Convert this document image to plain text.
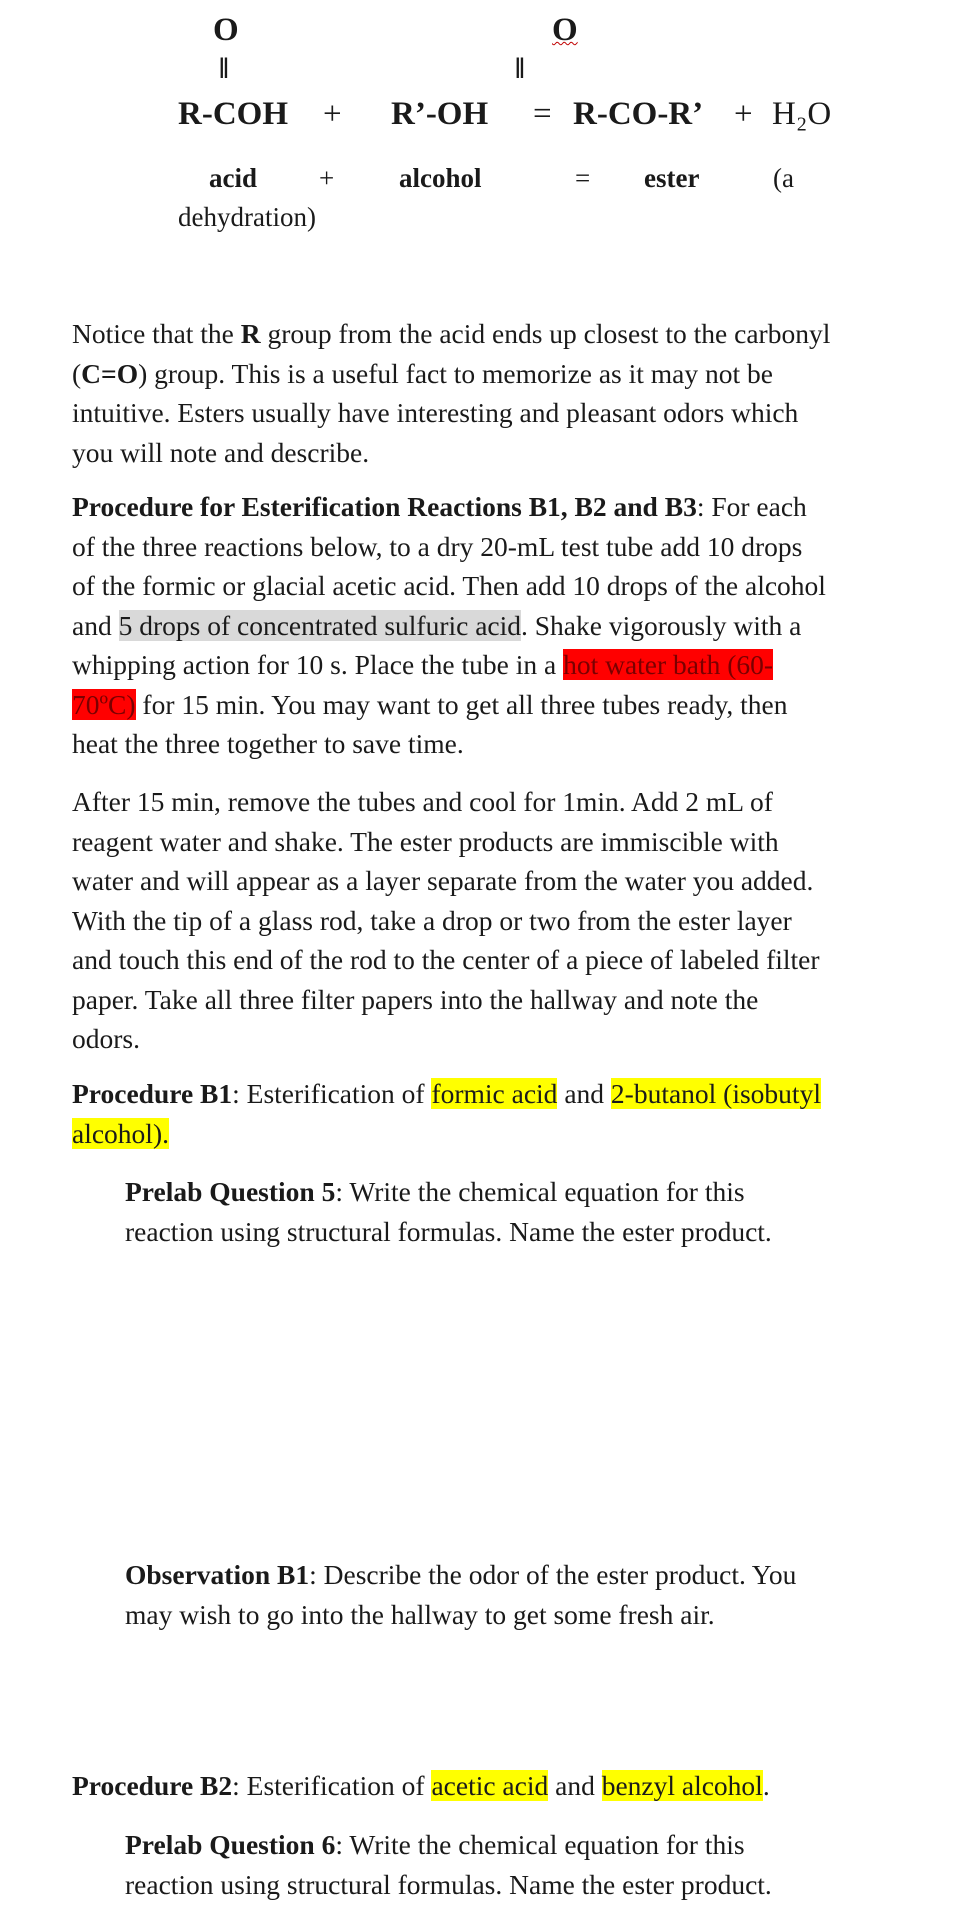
O	O
‖	‖
R-COH + R’-OH = R-CO-R’ + H₂O
acid + alcohol	= ester	(a
dehydration)
Notice that the R group from the acid ends up closest to the carbonyl
(C=O) group. This is a useful fact to memorize as it may not be
intuitive. Esters usually have interesting and pleasant odors which
you will note and describe.
Procedure for Esterification Reactions B1, B2 and B3: For each
of the three reactions below, to a dry 20-mL test tube add 10 drops
of the formic or glacial acetic acid. Then add 10 drops of the alcohol
and 5 drops of concentrated sulfuric acid. Shake vigorously with a
whipping action for 10 s. Place the tube in a hot water bath (60-
70ºC) for 15 min. You may want to get all three tubes ready, then
heat the three together to save time.
After 15 min, remove the tubes and cool for 1min. Add 2 mL of
reagent water and shake. The ester products are immiscible with
water and will appear as a layer separate from the water you added.
With the tip of a glass rod, take a drop or two from the ester layer
and touch this end of the rod to the center of a piece of labeled filter
paper. Take all three filter papers into the hallway and note the
odors.
Procedure B1: Esterification of formic acid and 2-butanol (isobutyl
alcohol).
Prelab Question 5: Write the chemical equation for this
reaction using structural formulas. Name the ester product.
Observation B1: Describe the odor of the ester product. You
may wish to go into the hallway to get some fresh air.
Procedure B2: Esterification of acetic acid and benzyl alcohol.
Prelab Question 6: Write the chemical equation for this
reaction using structural formulas. Name the ester product.
